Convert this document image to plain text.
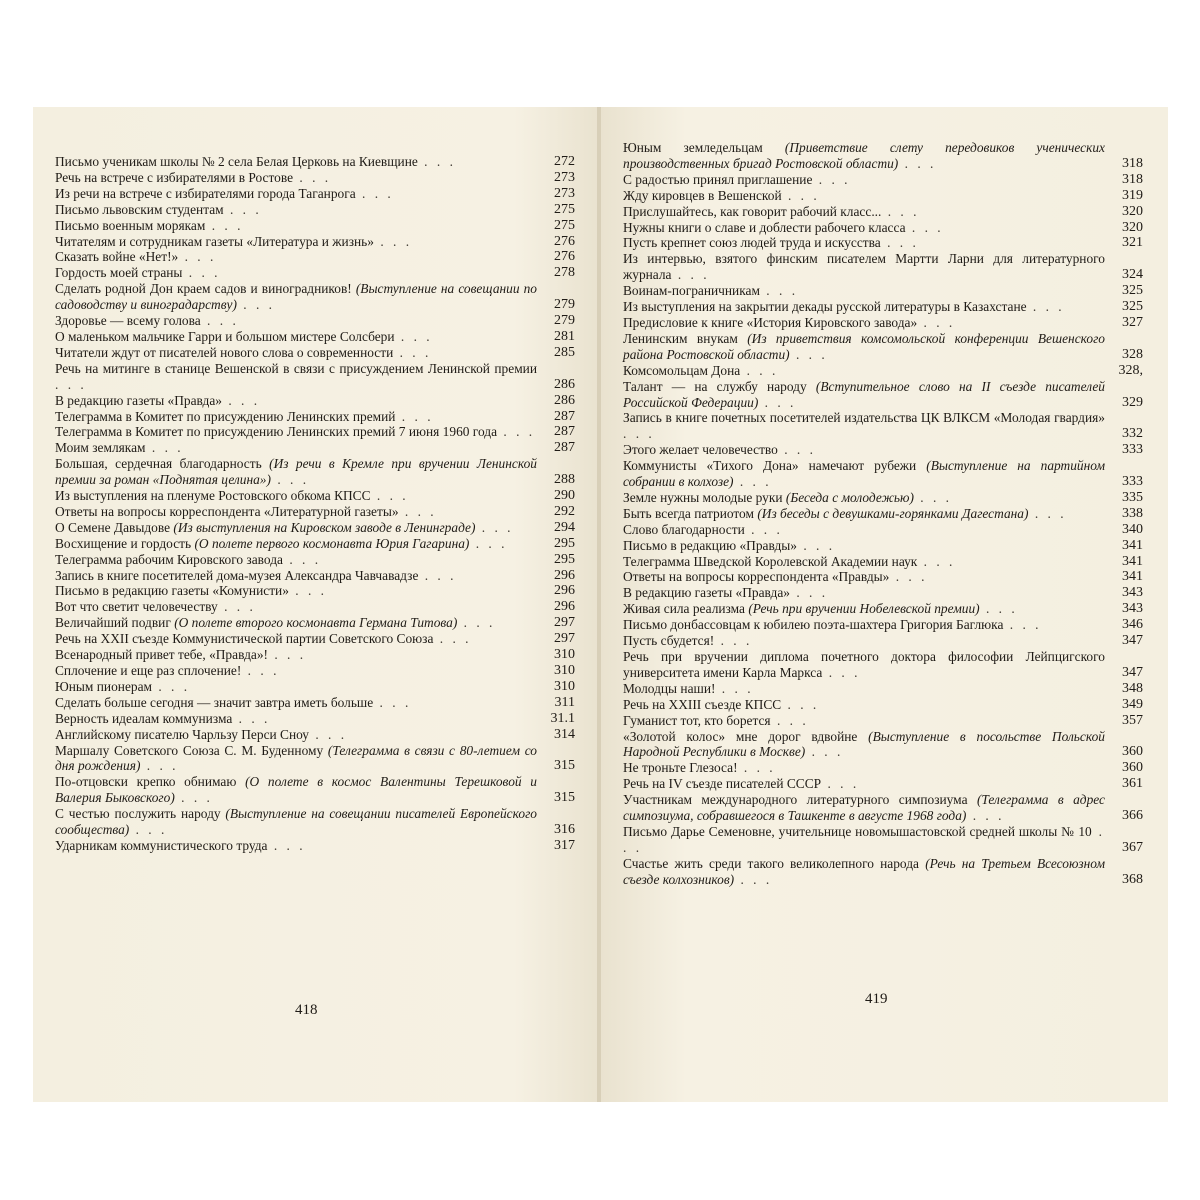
Письмо ученикам школы № 2 села Белая Церковь на Киевщине . . .	272
Речь на встрече с избирателями в Ростове . . .	273
Из речи на встрече с избирателями города Таганрога . . .	273
Письмо львовским студентам . . .	275
Письмо военным морякам . . .	275
Читателям и сотрудникам газеты «Литература и жизнь» . . .	276
Сказать войне «Нет!» . . .	276
Гордость моей страны . . .	278
Сделать родной Дон краем садов и виноградников! (Выступление на совещании по садоводству и виноградарству) . . .	279
Здоровье — всему голова . . .	279
О маленьком мальчике Гарри и большом мистере Солсбери . . .	281
Читатели ждут от писателей нового слова о современности . . .	285
Речь на митинге в станице Вешенской в связи с присуждением Ленинской премии . . .	286
В редакцию газеты «Правда» . . .	286
Телеграмма в Комитет по присуждению Ленинских премий . . .	287
Телеграмма в Комитет по присуждению Ленинских премий 7 июня 1960 года . . .	287
Моим землякам . . .	287
Большая, сердечная благодарность (Из речи в Кремле при вручении Ленинской премии за роман «Поднятая целина») . . .	288
Из выступления на пленуме Ростовского обкома КПСС . . .	290
Ответы на вопросы корреспондента «Литературной газеты» . . .	292
О Семене Давыдове (Из выступления на Кировском заводе в Ленинграде) . . .	294
Восхищение и гордость (О полете первого космонавта Юрия Гагарина) . . .	295
Телеграмма рабочим Кировского завода . . .	295
Запись в книге посетителей дома-музея Александра Чавчавадзе . . .	296
Письмо в редакцию газеты «Комунисти» . . .	296
Вот что светит человечеству . . .	296
Величайший подвиг (О полете второго космонавта Германа Титова) . . .	297
Речь на XXII съезде Коммунистической партии Советского Союза . . .	297
Всенародный привет тебе, «Правда»! . . .	310
Сплочение и еще раз сплочение! . . .	310
Юным пионерам . . .	310
Сделать больше сегодня — значит завтра иметь больше . . .	311
Верность идеалам коммунизма . . .	31.1
Английскому писателю Чарльзу Перси Сноу . . .	314
Маршалу Советского Союза С. М. Буденному (Телеграмма в связи с 80-летием со дня рождения) . . .	315
По-отцовски крепко обнимаю (О полете в космос Валентины Терешковой и Валерия Быковского) . . .	315
С честью послужить народу (Выступление на совещании писателей Европейского сообщества) . . .	316
Ударникам коммунистического труда . . .	317
418
Юным земледельцам (Приветствие слету передовиков ученических производственных бригад Ростовской области) . . .	318
С радостью принял приглашение . . .	318
Жду кировцев в Вешенской . . .	319
Прислушайтесь, как говорит рабочий класс... . . .	320
Нужны книги о славе и доблести рабочего класса . . .	320
Пусть крепнет союз людей труда и искусства . . .	321
Из интервью, взятого финским писателем Мартти Ларни для литературного журнала . . .	324
Воинам-пограничникам . . .	325
Из выступления на закрытии декады русской литературы в Казахстане . . .	325
Предисловие к книге «История Кировского завода» . . .	327
Ленинским внукам (Из приветствия комсомольской конференции Вешенского района Ростовской области) . . .	328
Комсомольцам Дона . . .	328,
Талант — на службу народу (Вступительное слово на II съезде писателей Российской Федерации) . . .	329
Запись в книге почетных посетителей издательства ЦК ВЛКСМ «Молодая гвардия» . . .	332
Этого желает человечество . . .	333
Коммунисты «Тихого Дона» намечают рубежи (Выступление на партийном собрании в колхозе) . . .	333
Земле нужны молодые руки (Беседа с молодежью) . . .	335
Быть всегда патриотом (Из беседы с девушками-горянками Дагестана) . . .	338
Слово благодарности . . .	340
Письмо в редакцию «Правды» . . .	341
Телеграмма Шведской Королевской Академии наук . . .	341
Ответы на вопросы корреспондента «Правды» . . .	341
В редакцию газеты «Правда» . . .	343
Живая сила реализма (Речь при вручении Нобелевской премии) . . .	343
Письмо донбассовцам к юбилею поэта-шахтера Григория Баглюка . . .	346
Пусть сбудется! . . .	347
Речь при вручении диплома почетного доктора философии Лейпцигского университета имени Карла Маркса . . .	347
Молодцы наши! . . .	348
Речь на XXIII съезде КПСС . . .	349
Гуманист тот, кто борется . . .	357
«Золотой колос» мне дорог вдвойне (Выступление в посольстве Польской Народной Республики в Москве) . . .	360
Не троньте Глезоса! . . .	360
Речь на IV съезде писателей СССР . . .	361
Участникам международного литературного симпозиума (Телеграмма в адрес симпозиума, собравшегося в Ташкенте в августе 1968 года) . . .	366
Письмо Дарье Семеновне, учительнице новомышастовской средней школы № 10 . . .	367
Счастье жить среди такого великолепного народа (Речь на Третьем Всесоюзном съезде колхозников) . . .	368
419
